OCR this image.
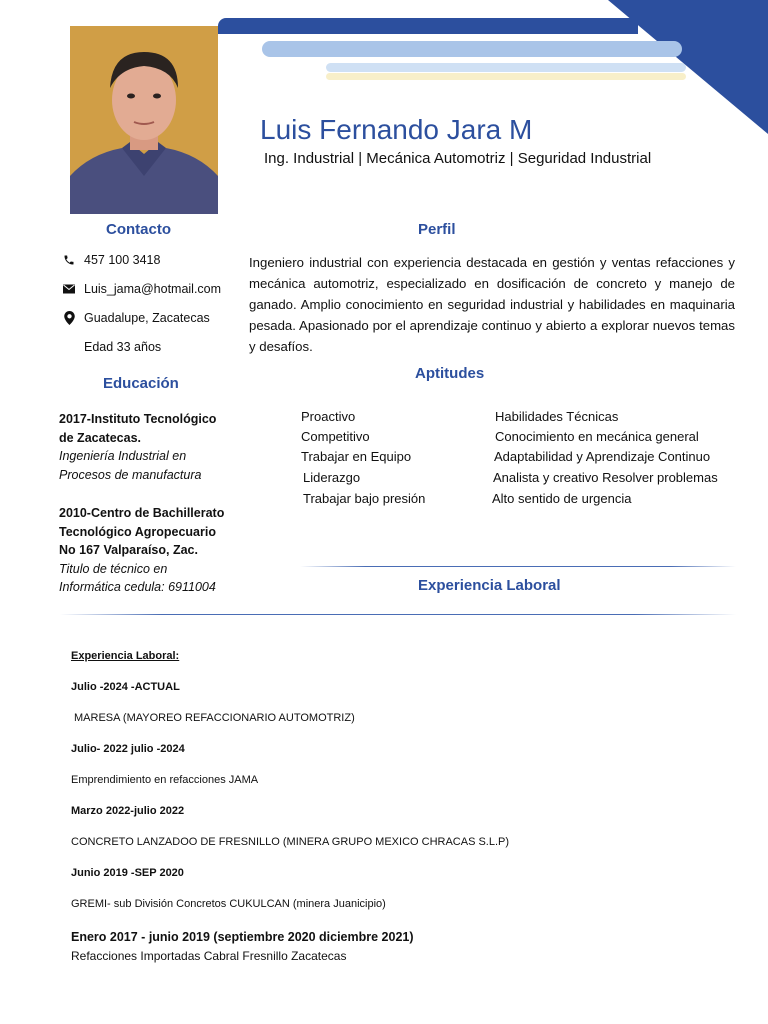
Luis Fernando Jara M
Ing. Industrial | Mecánica Automotriz | Seguridad Industrial
Contacto
457 100 3418
Luis_jama@hotmail.com
Guadalupe, Zacatecas
Edad 33 años
Educación
2017-Instituto Tecnológico
de Zacatecas.
Ingeniería Industrial en
Procesos de manufactura
2010-Centro de Bachillerato
Tecnológico Agropecuario
No 167 Valparaíso, Zac.
Titulo de técnico en
Informática cedula: 6911004
Perfil
Ingeniero industrial con experiencia destacada en gestión y ventas refacciones y mecánica automotriz, especializado en dosificación de concreto y manejo de ganado. Amplio conocimiento en seguridad industrial y habilidades en maquinaria pesada. Apasionado por el aprendizaje continuo y abierto a explorar nuevos temas y desafíos.
Aptitudes
Proactivo
Competitivo
Trabajar en Equipo
Liderazgo
Trabajar bajo presión
Habilidades Técnicas
Conocimiento en mecánica general
Adaptabilidad y Aprendizaje Continuo
Analista y creativo Resolver problemas
Alto sentido de urgencia
Experiencia Laboral
Experiencia Laboral:
Julio -2024 -ACTUAL
MARESA (MAYOREO REFACCIONARIO AUTOMOTRIZ)
Julio- 2022 julio -2024
Emprendimiento en refacciones JAMA
Marzo 2022-julio 2022
CONCRETO LANZADOO DE FRESNILLO (MINERA GRUPO MEXICO CHRACAS S.L.P)
Junio 2019 -SEP 2020
GREMI- sub División Concretos CUKULCAN (minera Juanicipio)
Enero 2017 - junio 2019 (septiembre 2020 diciembre 2021)
Refacciones Importadas Cabral Fresnillo Zacatecas
